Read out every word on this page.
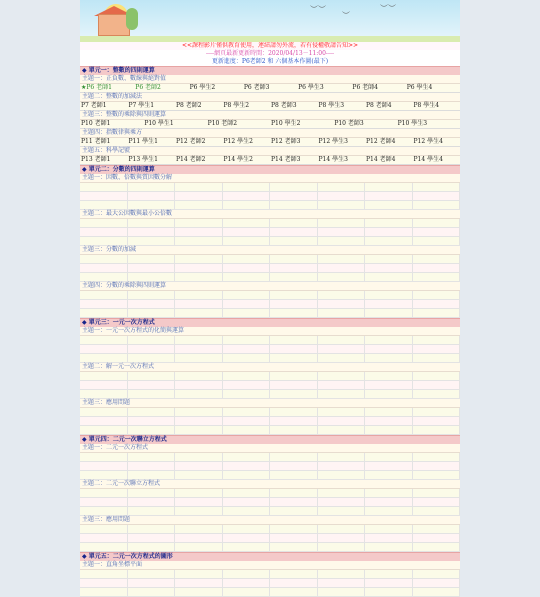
︶︶
︶
︶︶
<<課程影片僅供教育使用，連結請勿外流，若有侵權敬請告知>>
----網頁最新更新時間：2020/04/13－11:00----
更新進度：P6老師2 和 六個基本作圖(最下)
◆ 單元一：整數的四則運算
主題一：正負數、數線與絕對值
★P6 老師1	P6 老師2	P6 學生2	P6 老師3	P6 學生3	P6 老師4	P6 學生4
主題二：整數的加減法
P7 老師1	P7 學生1	P8 老師2	P8 學生2	P8 老師3	P8 學生3	P8 老師4	P8 學生4
主題三：整數的乘除與四則運算
P10 老師1	P10 學生1	P10 老師2	P10 學生2	P10 老師3	P10 學生3
主題四：指數律與乘方
P11 老師1	P11 學生1	P12 老師2	P12 學生2	P12 老師3	P12 學生3	P12 老師4	P12 學生4
主題五：科學記號
P13 老師1	P13 學生1	P14 老師2	P14 學生2	P14 老師3	P14 學生3	P14 老師4	P14 學生4
◆ 單元二：分數的四則運算
主題一：因數、倍數與質因數分解
主題二：最大公因數與最小公倍數
主題三：分數的加減
主題四：分數的乘除與四則運算
◆ 單元三：一元一次方程式
主題一：一元一次方程式的化簡與運算
主題二：解一元一次方程式
主題三：應用問題
◆ 單元四：二元一次聯立方程式
主題一：二元一次方程式
主題二：二元一次聯立方程式
主題三：應用問題
◆ 單元五：二元一次方程式的圖形
主題一：直角坐標平面
